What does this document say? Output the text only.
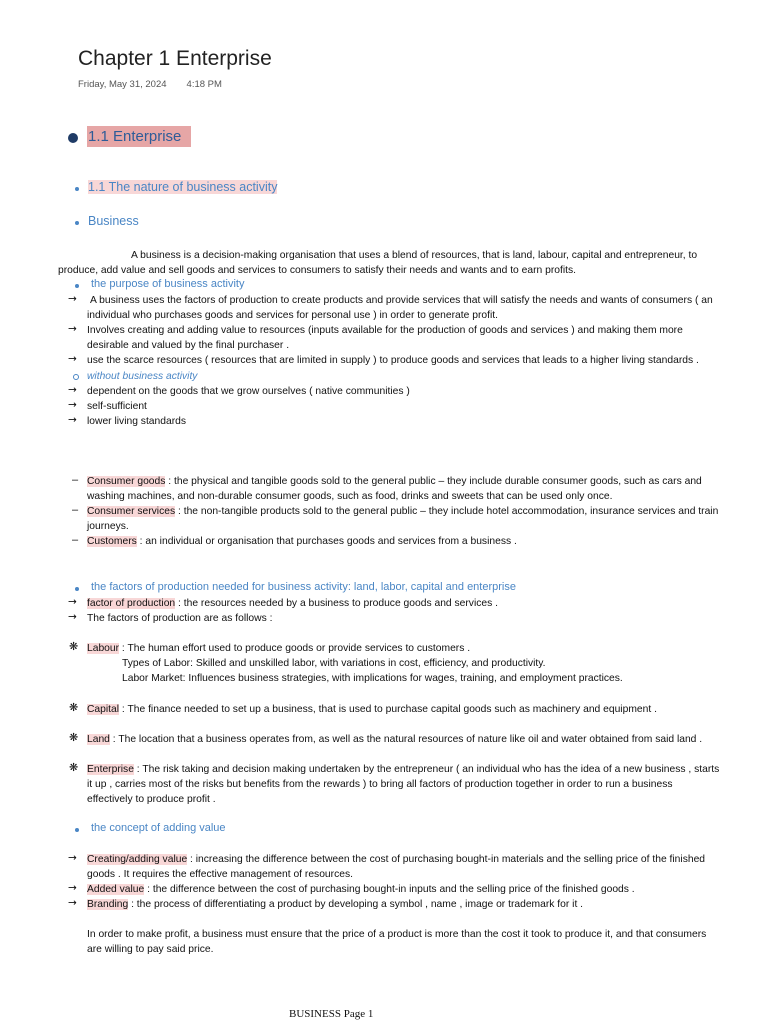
Chapter 1 Enterprise
Friday, May 31, 2024 4:18 PM
1.1 Enterprise
1.1 The nature of business activity
Business
A business is a decision-making organisation that uses a blend of resources, that is land, labour, capital and entrepreneur, to
produce, add value and sell goods and services to consumers to satisfy their needs and wants and to earn profits.
the purpose of business activity
→ A business uses the factors of production to create products and provide services that will satisfy the needs and wants of consumers ( an
individual who purchases goods and services for personal use ) in order to generate profit.
→ Involves creating and adding value to resources (inputs available for the production of goods and services ) and making them more
desirable and valued by the final purchaser .
→ use the scarce resources ( resources that are limited in supply ) to produce goods and services that leads to a higher living standards .
without business activity
→ dependent on the goods that we grow ourselves ( native communities )
→ self-sufficient
→ lower living standards
– Consumer goods : the physical and tangible goods sold to the general public – they include durable consumer goods, such as cars and
washing machines, and non-durable consumer goods, such as food, drinks and sweets that can be used only once.
– Consumer services : the non-tangible products sold to the general public – they include hotel accommodation, insurance services and train
journeys.
– Customers : an individual or organisation that purchases goods and services from a business .
the factors of production needed for business activity: land, labor, capital and enterprise
→ factor of production : the resources needed by a business to produce goods and services .
→ The factors of production are as follows :
❋ Labour : The human effort used to produce goods or provide services to customers .
Types of Labor: Skilled and unskilled labor, with variations in cost, efficiency, and productivity.
Labor Market: Influences business strategies, with implications for wages, training, and employment practices.
❋ Capital : The finance needed to set up a business, that is used to purchase capital goods such as machinery and equipment .
❋ Land : The location that a business operates from, as well as the natural resources of nature like oil and water obtained from said land .
❋ Enterprise : The risk taking and decision making undertaken by the entrepreneur ( an individual who has the idea of a new business , starts
it up , carries most of the risks but benefits from the rewards ) to bring all factors of production together in order to run a business
effectively to produce profit .
the concept of adding value
→ Creating/adding value : increasing the difference between the cost of purchasing bought-in materials and the selling price of the finished
goods . It requires the effective management of resources.
→ Added value : the difference between the cost of purchasing bought-in inputs and the selling price of the finished goods .
→ Branding : the process of differentiating a product by developing a symbol , name , image or trademark for it .
In order to make profit, a business must ensure that the price of a product is more than the cost it took to produce it, and that consumers
are willing to pay said price.
BUSINESS Page 1
